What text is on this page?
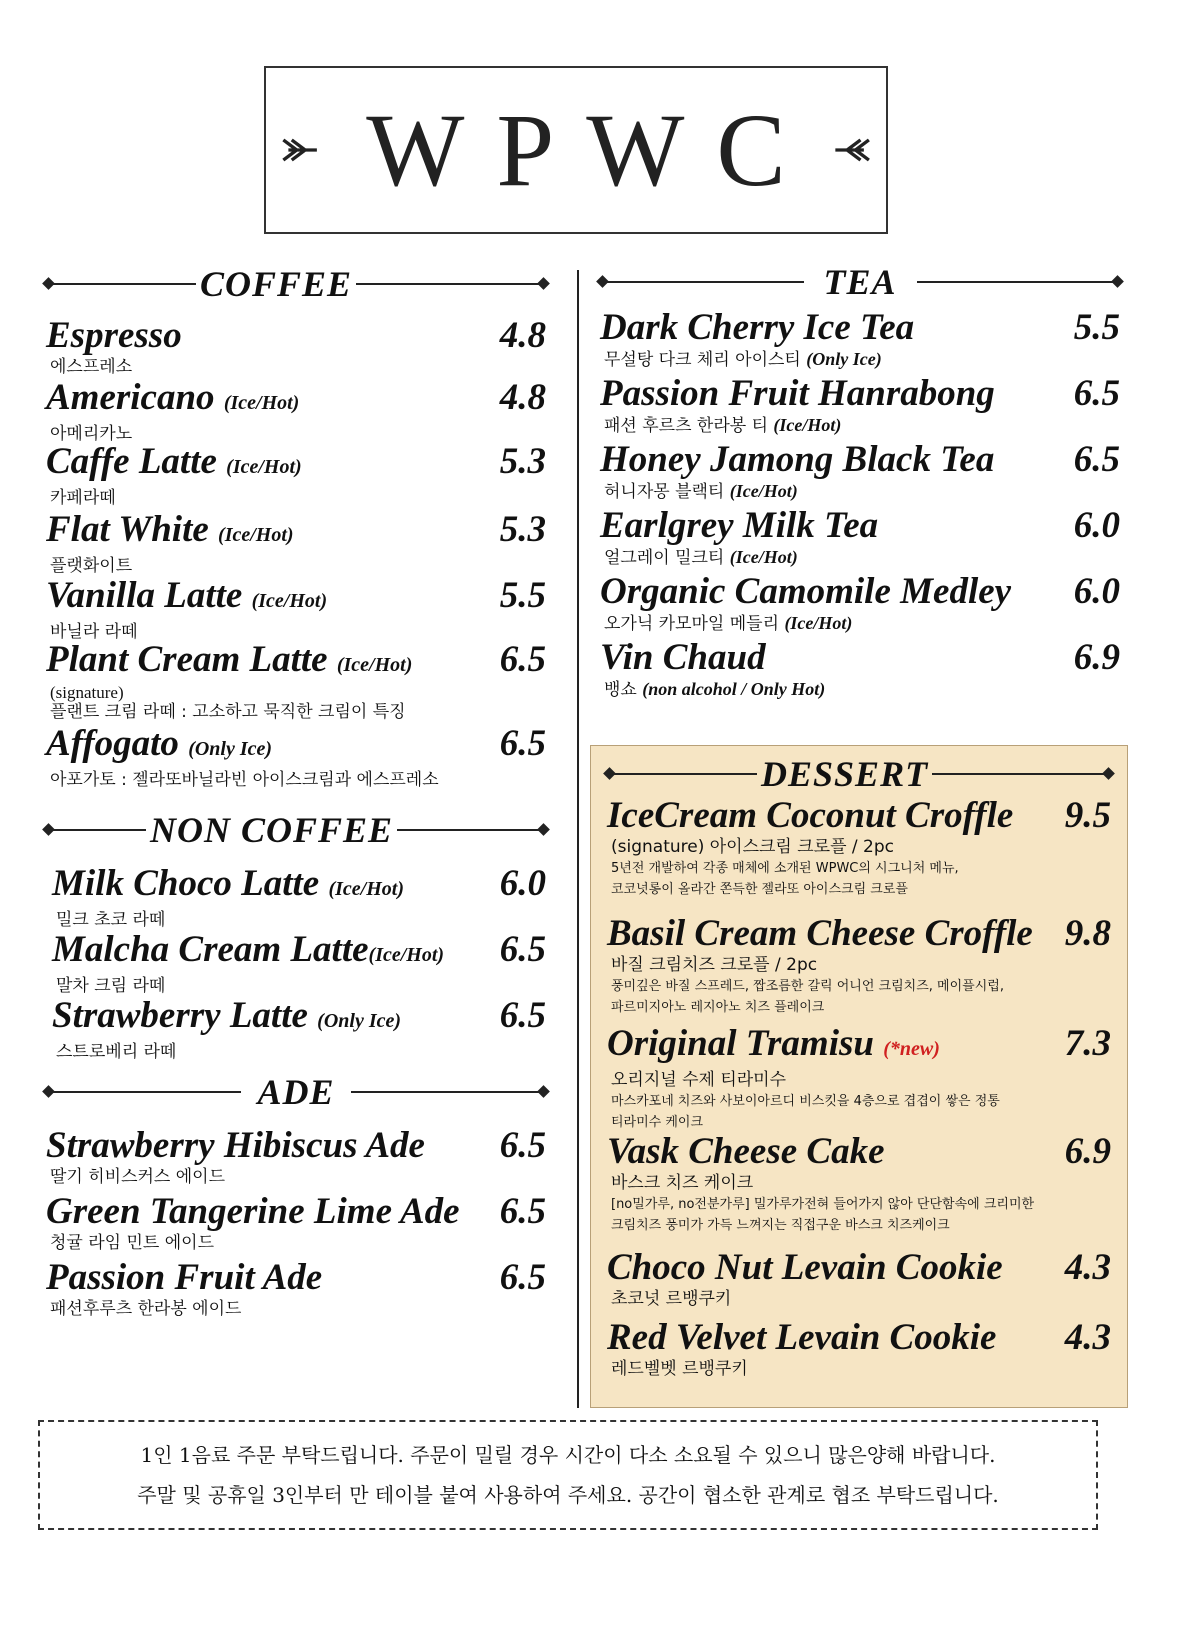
WPWC
COFFEE
Espresso	4.8
에스프레소
Americano (Ice/Hot)	4.8
아메리카노
Caffe Latte (Ice/Hot)	5.3
카페라떼
Flat White (Ice/Hot)	5.3
플랫화이트
Vanilla Latte (Ice/Hot)	5.5
바닐라 라떼
Plant Cream Latte (Ice/Hot)	6.5
(signature)
플랜트 크림 라떼 : 고소하고 묵직한 크림이 특징
Affogato (Only Ice)	6.5
아포가토 : 젤라또바닐라빈 아이스크림과 에스프레소
NON COFFEE
Milk Choco Latte (Ice/Hot)	6.0
밀크 초코 라떼
Malcha Cream Latte(Ice/Hot)	6.5
말차 크림 라떼
Strawberry Latte (Only Ice)	6.5
스트로베리 라떼
ADE
Strawberry Hibiscus Ade	6.5
딸기 히비스커스 에이드
Green Tangerine Lime Ade	6.5
청귤 라임 민트 에이드
Passion Fruit Ade	6.5
패션후루츠 한라봉 에이드
TEA
Dark Cherry Ice Tea	5.5
무설탕 다크 체리 아이스티 (Only Ice)
Passion Fruit Hanrabong	6.5
패션 후르츠 한라봉 티 (Ice/Hot)
Honey Jamong Black Tea	6.5
허니자몽 블랙티 (Ice/Hot)
Earlgrey Milk Tea	6.0
얼그레이 밀크티 (Ice/Hot)
Organic Camomile Medley	6.0
오가닉 카모마일 메들리 (Ice/Hot)
Vin Chaud	6.9
뱅쇼 (non alcohol / Only Hot)
DESSERT
IceCream Coconut Croffle	9.5
(signature) 아이스크림 크로플 / 2pc
5년전 개발하여 각종 매체에 소개된 WPWC의 시그니처 메뉴,
코코넛롱이 올라간 쫀득한 젤라또 아이스크림 크로플
Basil Cream Cheese Croffle 9.8
바질 크림치즈 크로플 / 2pc
풍미깊은 바질 스프레드, 짭조름한 갈릭 어니언 크림치즈, 메이플시럽,
파르미지아노 레지아노 치즈 플레이크
Original Tramisu (*new)	7.3
오리지널 수제 티라미수
마스카포네 치즈와 사보이아르디 비스킷을 4층으로 겹겹이 쌓은 정통
티라미수 케이크
Vask Cheese Cake	6.9
바스크 치즈 케이크
[no밀가루, no전분가루] 밀가루가전혀 들어가지 않아 단단함속에 크리미한
크림치즈 풍미가 가득 느껴지는 직접구운 바스크 치즈케이크
Choco Nut Levain Cookie	4.3
초코넛 르뱅쿠키
Red Velvet Levain Cookie	4.3
레드벨벳 르뱅쿠키
1인 1음료 주문 부탁드립니다. 주문이 밀릴 경우 시간이 다소 소요될 수 있으니 많은양해 바랍니다.
주말 및 공휴일 3인부터 만 테이블 붙여 사용하여 주세요. 공간이 협소한 관계로 협조 부탁드립니다.
